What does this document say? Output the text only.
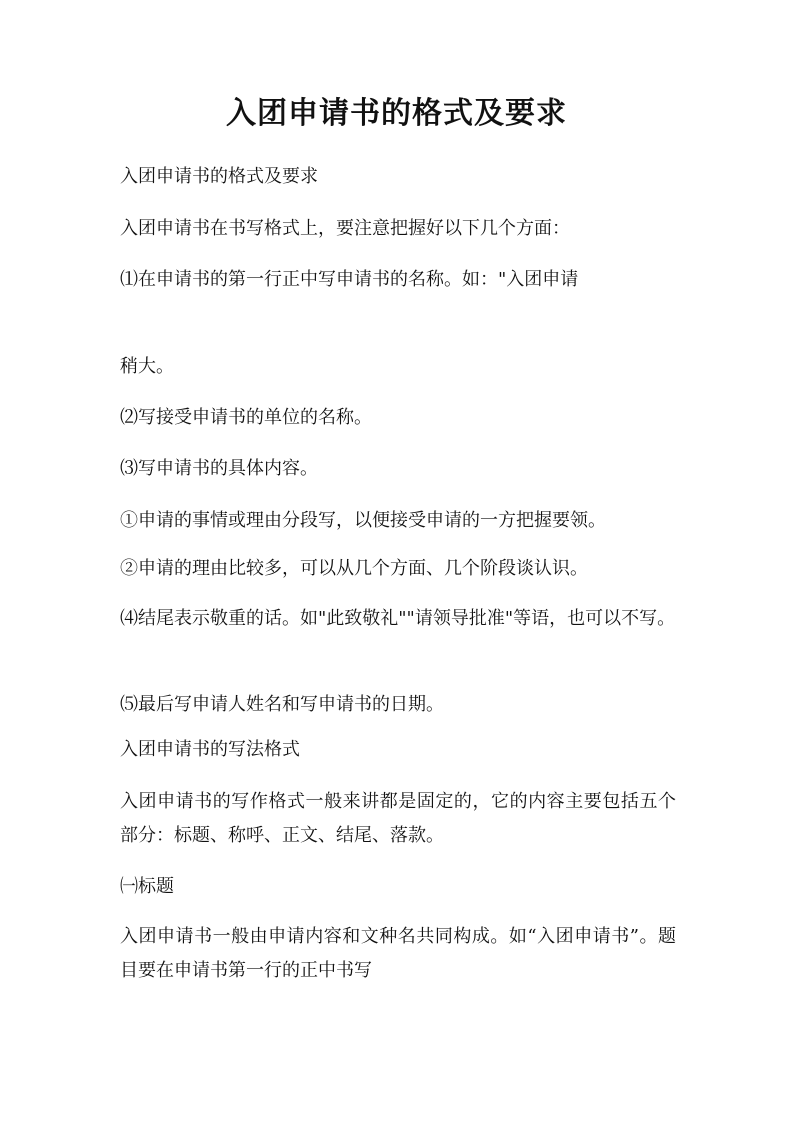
入团申请书的格式及要求

入团申请书的格式及要求

入团申请书在书写格式上，要注意把握好以下几个方面：

⑴在申请书的第一行正中写申请书的名称。如："入团申请

稍大。

⑵写接受申请书的单位的名称。

⑶写申请书的具体内容。

①申请的事情或理由分段写，以便接受申请的一方把握要领。

②申请的理由比较多，可以从几个方面、几个阶段谈认识。

⑷结尾表示敬重的话。如"此致敬礼""请领导批准"等语，也可以不写。

⑸最后写申请人姓名和写申请书的日期。

入团申请书的写法格式

入团申请书的写作格式一般来讲都是固定的，它的内容主要包括五个部分：标题、称呼、正文、结尾、落款。

㈠标题

入团申请书一般由申请内容和文种名共同构成。如“入团申请书”。题目要在申请书第一行的正中书写
